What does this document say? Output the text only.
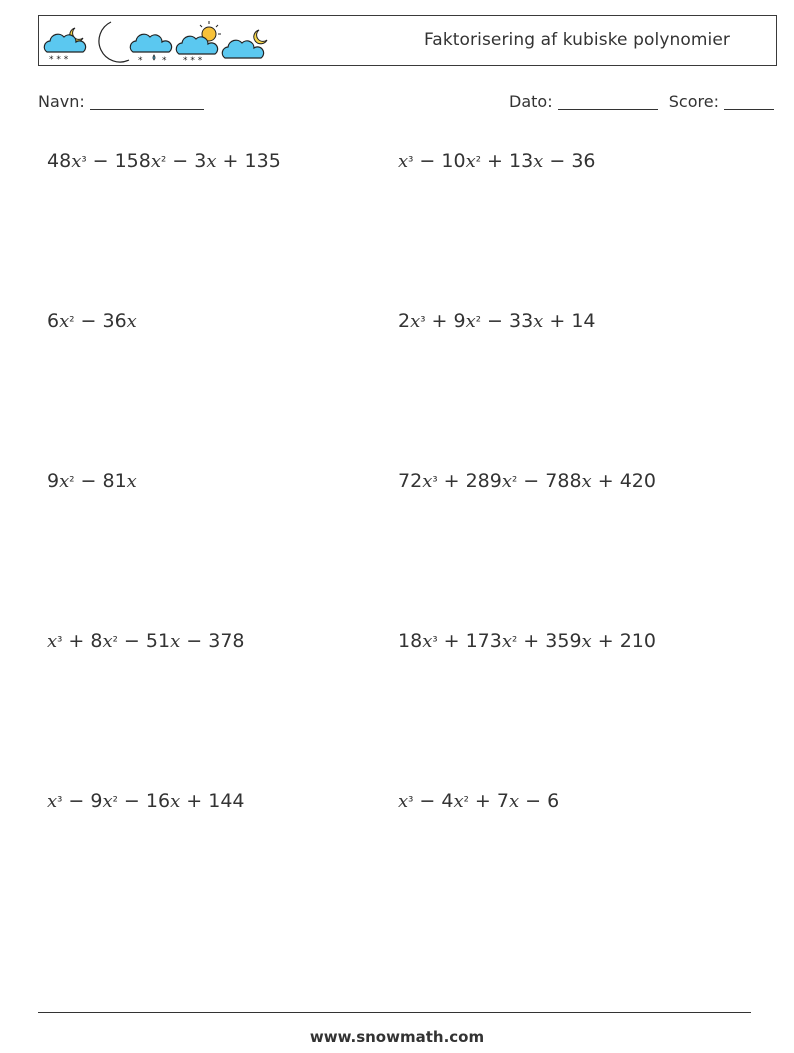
* * *	* * * * *
Faktorisering af kubiske polynomier
Navn:	Dato:	Score:
48x³ − 158x² − 3x + 135	x³ − 10x² + 13x − 36
6x² − 36x	2x³ + 9x² − 33x + 14
9x² − 81x	72x³ + 289x² − 788x + 420
x³ + 8x² − 51x − 378	18x³ + 173x² + 359x + 210
x³ − 9x² − 16x + 144	x³ − 4x² + 7x − 6
www.snowmath.com
